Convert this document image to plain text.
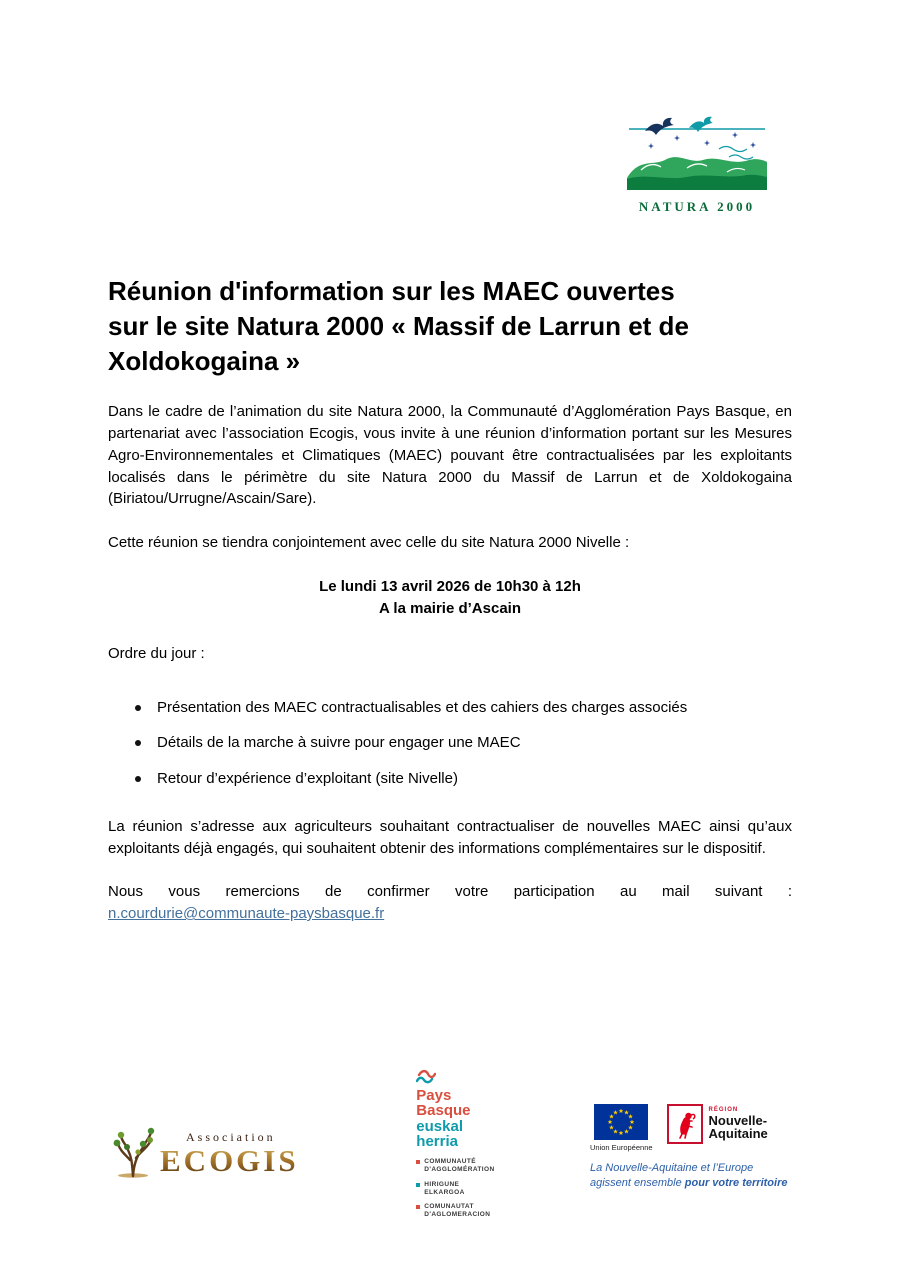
NATURA 2000
Réunion d'information sur les MAEC ouvertes
sur le site Natura 2000 « Massif de Larrun et de
Xoldokogaina »

Dans le cadre de l’animation du site Natura 2000, la Communauté d’Agglomération Pays Basque, en partenariat avec l’association Ecogis, vous invite à une réunion d’information portant sur les Mesures Agro-Environnementales et Climatiques (MAEC) pouvant être contractualisées par les exploitants localisés dans le périmètre du site Natura 2000 du Massif de Larrun et de Xoldokogaina (Biriatou/Urrugne/Ascain/Sare).

Cette réunion se tiendra conjointement avec celle du site Natura 2000 Nivelle :

Le lundi 13 avril 2026 de 10h30 à 12h
A la mairie d’Ascain

Ordre du jour :

Présentation des MAEC contractualisables et des cahiers des charges associés
Détails de la marche à suivre pour engager une MAEC
Retour d’expérience d’exploitant (site Nivelle)

La réunion s’adresse aux agriculteurs souhaitant contractualiser de nouvelles MAEC ainsi qu’aux exploitants déjà engagés, qui souhaitent obtenir des informations complémentaires sur le dispositif.

Nous vous remercions de confirmer votre participation au mail suivant : n.courdurie@communaute-paysbasque.fr

Association
ECOGIS
Pays
Basque
euskal
herria
COMMUNAUTÉ
D'AGGLOMÉRATION
HIRIGUNE
ELKARGOA
COMUNAUTAT
D'AGLOMERACION
Union Européenne
RÉGION
Nouvelle-
Aquitaine
La Nouvelle-Aquitaine et l’Europe
agissent ensemble pour votre territoire
